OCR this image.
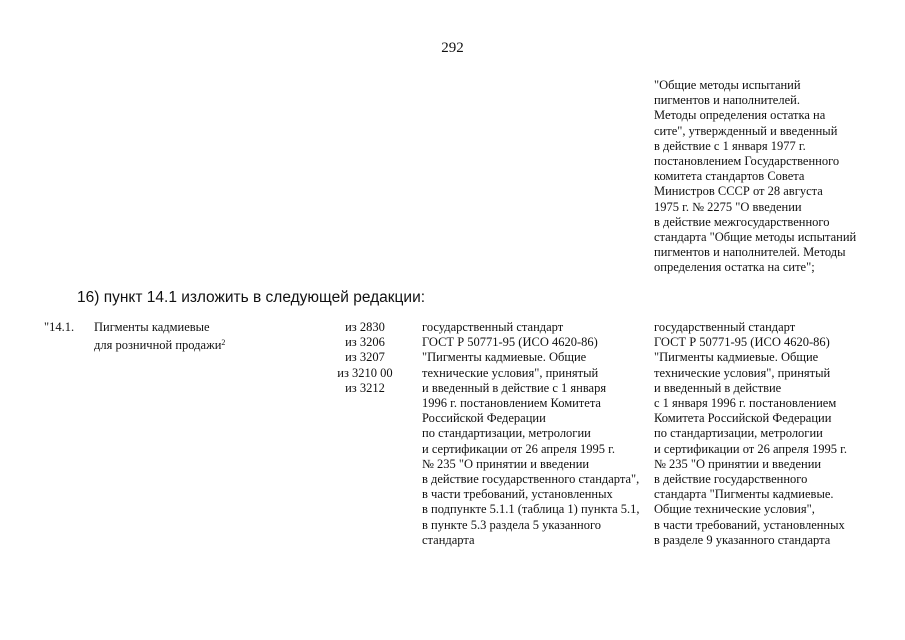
292
"Общие методы испытаний
пигментов и наполнителей.
Методы определения остатка на
сите", утвержденный и введенный
в действие с 1 января 1977 г.
постановлением Государственного
комитета стандартов Совета
Министров СССР от 28 августа
1975 г. № 2275 "О введении
в действие межгосударственного
стандарта "Общие методы испытаний
пигментов и наполнителей. Методы
определения остатка на сите";
16) пункт 14.1 изложить в следующей редакции:
"14.1. Пигменты кадмиевые
для розничной продажи$^2$
из 2830
из 3206
из 3207
из 3210 00
из 3212
государственный стандарт
ГОСТ Р 50771-95 (ИСО 4620-86)
"Пигменты кадмиевые. Общие
технические условия", принятый
и введенный в действие с 1 января
1996 г. постановлением Комитета
Российской Федерации
по стандартизации, метрологии
и сертификации от 26 апреля 1995 г.
№ 235 "О принятии и введении
в действие государственного стандарта",
в части требований, установленных
в подпункте 5.1.1 (таблица 1) пункта 5.1,
в пункте 5.3 раздела 5 указанного
стандарта
государственный стандарт
ГОСТ Р 50771-95 (ИСО 4620-86)
"Пигменты кадмиевые. Общие
технические условия", принятый
и введенный в действие
с 1 января 1996 г. постановлением
Комитета Российской Федерации
по стандартизации, метрологии
и сертификации от 26 апреля 1995 г.
№ 235 "О принятии и введении
в действие государственного
стандарта "Пигменты кадмиевые.
Общие технические условия",
в части требований, установленных
в разделе 9 указанного стандарта
